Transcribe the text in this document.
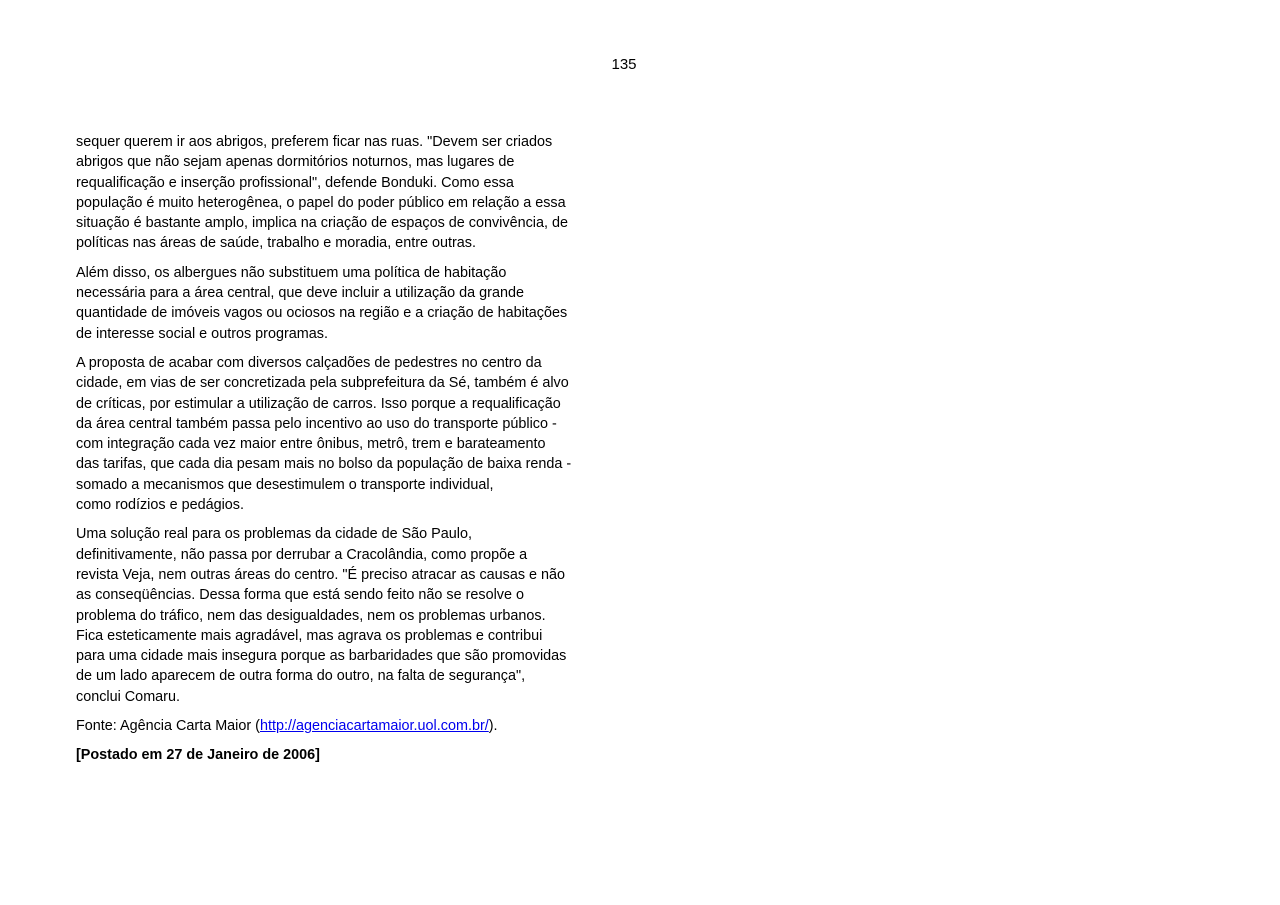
135

sequer querem ir aos abrigos, preferem ficar nas ruas. "Devem ser criados
abrigos que não sejam apenas dormitórios noturnos, mas lugares de
requalificação e inserção profissional", defende Bonduki. Como essa
população é muito heterogênea, o papel do poder público em relação a essa
situação é bastante amplo, implica na criação de espaços de convivência, de
políticas nas áreas de saúde, trabalho e moradia, entre outras.

Além disso, os albergues não substituem uma política de habitação
necessária para a área central, que deve incluir a utilização da grande
quantidade de imóveis vagos ou ociosos na região e a criação de habitações
de interesse social e outros programas.

A proposta de acabar com diversos calçadões de pedestres no centro da
cidade, em vias de ser concretizada pela subprefeitura da Sé, também é alvo
de críticas, por estimular a utilização de carros. Isso porque a requalificação
da área central também passa pelo incentivo ao uso do transporte público -
com integração cada vez maior entre ônibus, metrô, trem e barateamento
das tarifas, que cada dia pesam mais no bolso da população de baixa renda -
somado a mecanismos que desestimulem o transporte individual,
como rodízios e pedágios.

Uma solução real para os problemas da cidade de São Paulo,
definitivamente, não passa por derrubar a Cracolândia, como propõe a
revista Veja, nem outras áreas do centro. "É preciso atracar as causas e não
as conseqüências. Dessa forma que está sendo feito não se resolve o
problema do tráfico, nem das desigualdades, nem os problemas urbanos.
Fica esteticamente mais agradável, mas agrava os problemas e contribui
para uma cidade mais insegura porque as barbaridades que são promovidas
de um lado aparecem de outra forma do outro, na falta de segurança",
conclui Comaru.

Fonte: Agência Carta Maior (http://agenciacartamaior.uol.com.br/).

[Postado em 27 de Janeiro de 2006]
